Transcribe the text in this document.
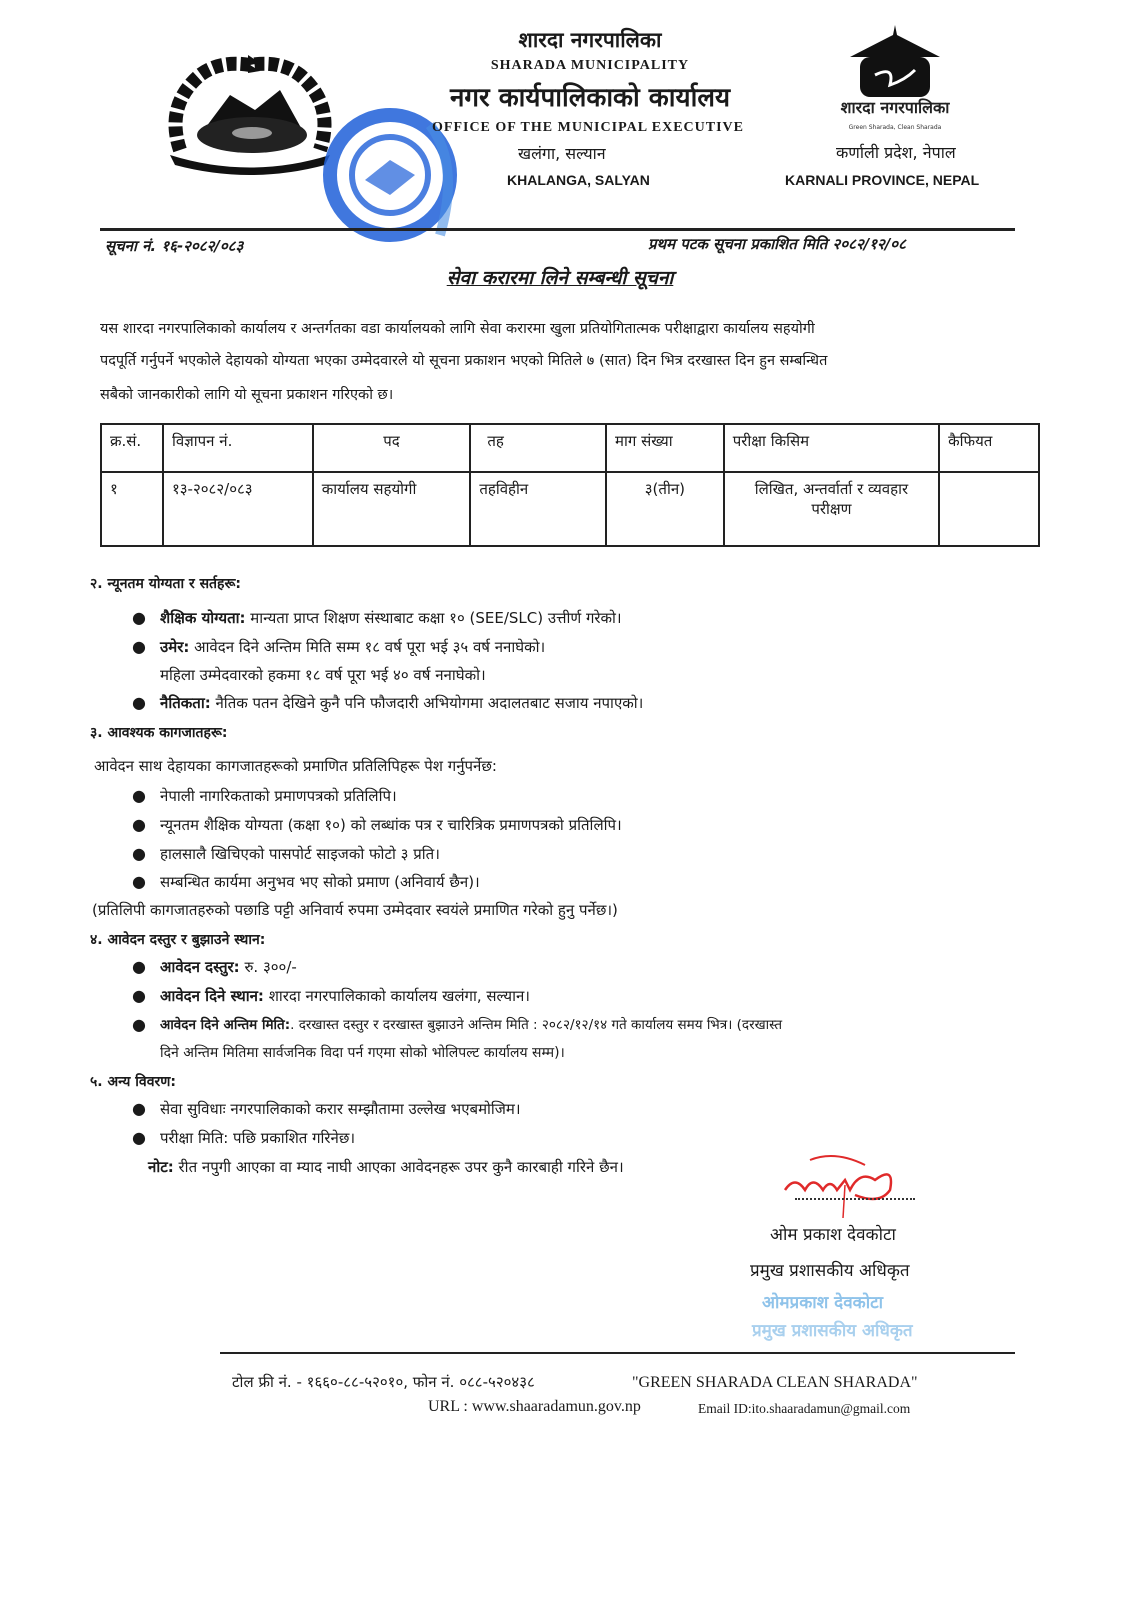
शारदा नगरपालिका
SHARADA MUNICIPALITY
नगर कार्यपालिकाको कार्यालय
OFFICE OF THE MUNICIPAL EXECUTIVE
खलंगा, सल्यान
KHALANGA, SALYAN
शारदा नगरपालिका
Green Sharada, Clean Sharada
कर्णाली प्रदेश, नेपाल
KARNALI PROVINCE, NEPAL
सूचना नं. १६-२०८२/०८३	प्रथम पटक सूचना प्रकाशित मिति २०८२/१२/०८
सेवा करारमा लिने सम्बन्धी सूचना
यस शारदा नगरपालिकाको कार्यालय र अन्तर्गतका वडा कार्यालयको लागि सेवा करारमा खुला प्रतियोगितात्मक परीक्षाद्वारा कार्यालय सहयोगी
पदपूर्ति गर्नुपर्ने भएकोले देहायको योग्यता भएका उम्मेदवारले यो सूचना प्रकाशन भएको मितिले ७ (सात) दिन भित्र दरखास्त दिन हुन सम्बन्धित
सबैको जानकारीको लागि यो सूचना प्रकाशन गरिएको छ।
क्र.सं.	विज्ञापन नं.	पद	तह	माग संख्या	परीक्षा किसिम	कैफियत
१	१३-२०८२/०८३	कार्यालय सहयोगी	तहविहीन	३(तीन)	लिखित, अन्तर्वार्ता र व्यवहार परीक्षण	
२. न्यूनतम योग्यता र सर्तहरू:
● शैक्षिक योग्यता: मान्यता प्राप्त शिक्षण संस्थाबाट कक्षा १० (SEE/SLC) उत्तीर्ण गरेको।
● उमेर: आवेदन दिने अन्तिम मिति सम्म १८ वर्ष पूरा भई ३५ वर्ष ननाघेको।
महिला उम्मेदवारको हकमा १८ वर्ष पूरा भई ४० वर्ष ननाघेको।
● नैतिकता: नैतिक पतन देखिने कुनै पनि फौजदारी अभियोगमा अदालतबाट सजाय नपाएको।
३. आवश्यक कागजातहरू:
आवेदन साथ देहायका कागजातहरूको प्रमाणित प्रतिलिपिहरू पेश गर्नुपर्नेछ:
● नेपाली नागरिकताको प्रमाणपत्रको प्रतिलिपि।
● न्यूनतम शैक्षिक योग्यता (कक्षा १०) को लब्धांक पत्र र चारित्रिक प्रमाणपत्रको प्रतिलिपि।
● हालसालै खिचिएको पासपोर्ट साइजको फोटो ३ प्रति।
● सम्बन्धित कार्यमा अनुभव भए सोको प्रमाण (अनिवार्य छैन)।
(प्रतिलिपी कागजातहरुको पछाडि पट्टी अनिवार्य रुपमा उम्मेदवार स्वयंले प्रमाणित गरेको हुनु पर्नेछ।)
४. आवेदन दस्तुर र बुझाउने स्थान:
● आवेदन दस्तुर: रु. ३००/-
● आवेदन दिने स्थान: शारदा नगरपालिकाको कार्यालय खलंगा, सल्यान।
● आवेदन दिने अन्तिम मिति:. दरखास्त दस्तुर र दरखास्त बुझाउने अन्तिम मिति : २०८२/१२/१४ गते कार्यालय समय भित्र। (दरखास्त
दिने अन्तिम मितिमा सार्वजनिक विदा पर्न गएमा सोको भोलिपल्ट कार्यालय सम्म)।
५. अन्य विवरण:
● सेवा सुविधाः नगरपालिकाको करार सम्झौतामा उल्लेख भएबमोजिम।
● परीक्षा मिति: पछि प्रकाशित गरिनेछ।
नोट: रीत नपुगी आएका वा म्याद नाघी आएका आवेदनहरू उपर कुनै कारबाही गरिने छैन।
ओम प्रकाश देवकोटा
प्रमुख प्रशासकीय अधिकृत
ओमप्रकाश देवकोटा
प्रमुख प्रशासकीय अधिकृत
टोल फ्री नं. - १६६०-८८-५२०१०, फोन नं. ०८८-५२०४३८	"GREEN SHARADA CLEAN SHARADA"
URL : www.shaaradamun.gov.np	Email ID:ito.shaaradamun@gmail.com
